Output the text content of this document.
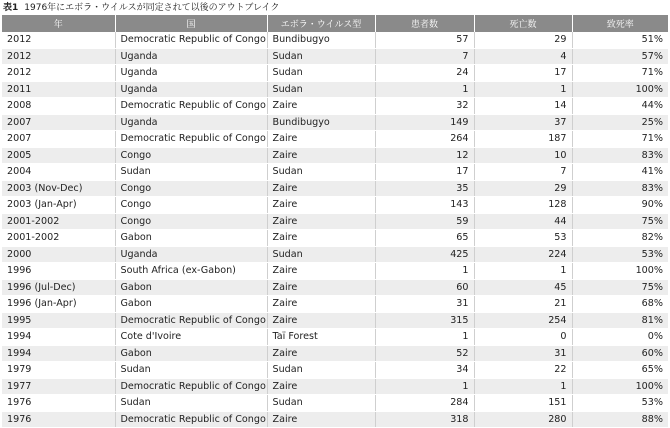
表1 1976年にエボラ・ウイルスが同定されて以後のアウトブレイク
年	国	エボラ・ウイルス型	患者数	死亡数	致死率
2012	Democratic Republic of Congo	Bundibugyo	57	29	51%
2012	Uganda	Sudan	7	4	57%
2012	Uganda	Sudan	24	17	71%
2011	Uganda	Sudan	1	1	100%
2008	Democratic Republic of Congo	Zaire	32	14	44%
2007	Uganda	Bundibugyo	149	37	25%
2007	Democratic Republic of Congo	Zaire	264	187	71%
2005	Congo	Zaire	12	10	83%
2004	Sudan	Sudan	17	7	41%
2003 (Nov-Dec)	Congo	Zaire	35	29	83%
2003 (Jan-Apr)	Congo	Zaire	143	128	90%
2001-2002	Congo	Zaire	59	44	75%
2001-2002	Gabon	Zaire	65	53	82%
2000	Uganda	Sudan	425	224	53%
1996	South Africa (ex-Gabon)	Zaire	1	1	100%
1996 (Jul-Dec)	Gabon	Zaire	60	45	75%
1996 (Jan-Apr)	Gabon	Zaire	31	21	68%
1995	Democratic Republic of Congo	Zaire	315	254	81%
1994	Cote d'Ivoire	Taï Forest	1	0	0%
1994	Gabon	Zaire	52	31	60%
1979	Sudan	Sudan	34	22	65%
1977	Democratic Republic of Congo	Zaire	1	1	100%
1976	Sudan	Sudan	284	151	53%
1976	Democratic Republic of Congo	Zaire	318	280	88%
